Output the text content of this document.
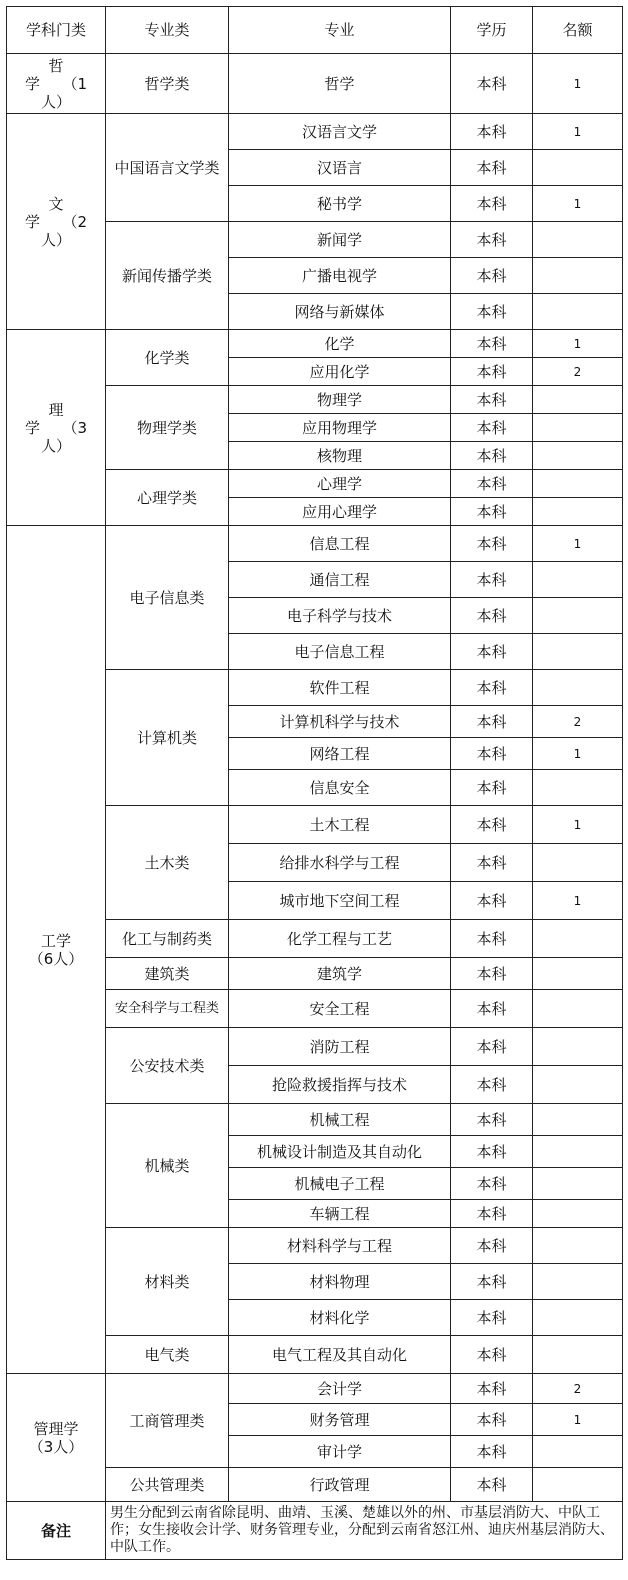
学科门类	专业类	专业	学历	名额
哲
学　　（1
人）	哲学类	哲学	本科	1
文
学　　（2
人）	中国语言文学类	汉语言文学	本科	1
		汉语言	本科	
		秘书学	本科	1
	新闻传播学类	新闻学	本科	
		广播电视学	本科	
		网络与新媒体	本科	
理
学　　（3
人）	化学类	化学	本科	1
		应用化学	本科	2
	物理学类	物理学	本科	
		应用物理学	本科	
		核物理	本科	
	心理学类	心理学	本科	
		应用心理学	本科	
工学
（6人）	电子信息类	信息工程	本科	1
		通信工程	本科	
		电子科学与技术	本科	
		电子信息工程	本科	
	计算机类	软件工程	本科	
		计算机科学与技术	本科	2
		网络工程	本科	1
		信息安全	本科	
	土木类	土木工程	本科	1
		给排水科学与工程	本科	
		城市地下空间工程	本科	1
	化工与制药类	化学工程与工艺	本科	
	建筑类	建筑学	本科	
	安全科学与工程类	安全工程	本科	
	公安技术类	消防工程	本科	
		抢险救援指挥与技术	本科	
	机械类	机械工程	本科	
		机械设计制造及其自动化	本科	
		机械电子工程	本科	
		车辆工程	本科	
	材料类	材料科学与工程	本科	
		材料物理	本科	
		材料化学	本科	
	电气类	电气工程及其自动化	本科	
管理学
（3人）	工商管理类	会计学	本科	2
		财务管理	本科	1
		审计学	本科	
	公共管理类	行政管理	本科	
备注	男生分配到云南省除昆明、曲靖、玉溪、楚雄以外的州、市基层消防大、中队工作；女生接收会计学、财务管理专业，分配到云南省怒江州、迪庆州基层消防大、中队工作。			
